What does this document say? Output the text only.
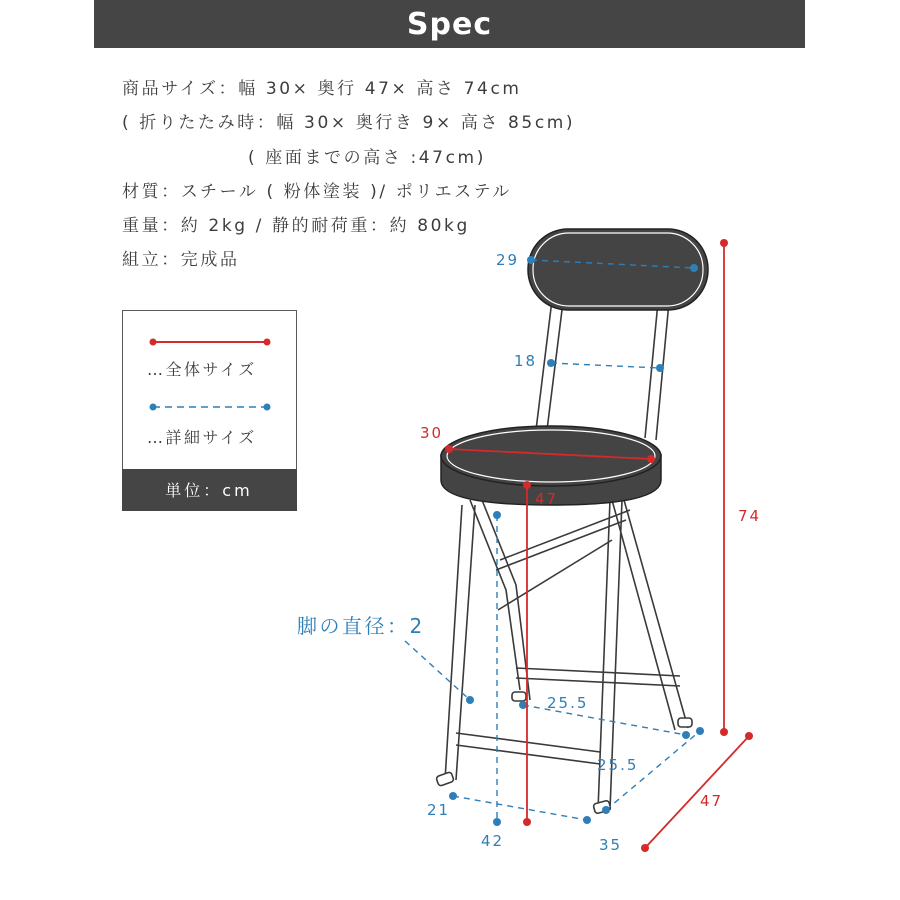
Spec
商品サイズ：幅 30× 奥行 47× 高さ 74cm
( 折りたたみ時：幅 30× 奥行き 9× 高さ 85cm)
( 座面までの高さ :47cm)
材質：スチール ( 粉体塗装 )/ ポリエステル
重量：約 2kg / 静的耐荷重：約 80kg
組立：完成品
…全体サイズ
…詳細サイズ
単位：cm
29
18
30
47
74
25.5
25.5
21
42	35
47
脚の直径：2
